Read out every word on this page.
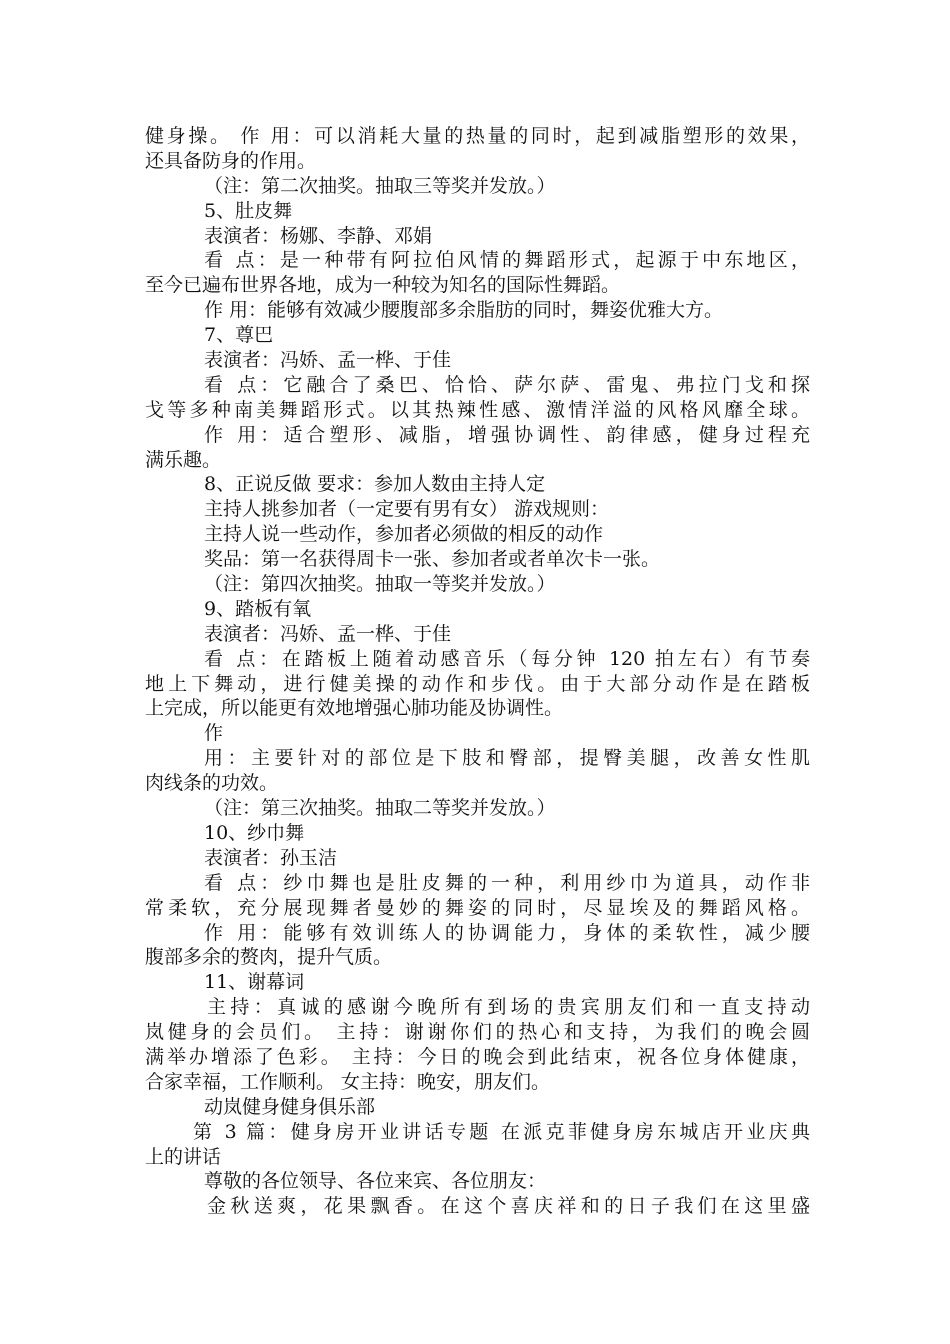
健身操。 作 用：可以消耗大量的热量的同时，起到减脂塑形的效果，
还具备防身的作用。
（注：第二次抽奖。抽取三等奖并发放。）
5、肚皮舞
表演者：杨娜、李静、邓娟
看 点：是一种带有阿拉伯风情的舞蹈形式，起源于中东地区，
至今已遍布世界各地，成为一种较为知名的国际性舞蹈。
作 用：能够有效减少腰腹部多余脂肪的同时，舞姿优雅大方。
7、尊巴
表演者：冯娇、孟一桦、于佳
看 点：它融合了桑巴、恰恰、萨尔萨、雷鬼、弗拉门戈和探
戈等多种南美舞蹈形式。以其热辣性感、激情洋溢的风格风靡全球。
作 用：适合塑形、减脂，增强协调性、韵律感，健身过程充
满乐趣。
8、正说反做 要求：参加人数由主持人定
主持人挑参加者（一定要有男有女） 游戏规则：
主持人说一些动作，参加者必须做的相反的动作
奖品：第一名获得周卡一张、参加者或者单次卡一张。
（注：第四次抽奖。抽取一等奖并发放。）
9、踏板有氧
表演者：冯娇、孟一桦、于佳
看 点：在踏板上随着动感音乐（每分钟 120 拍左右）有节奏
地上下舞动，进行健美操的动作和步伐。由于大部分动作是在踏板
上完成，所以能更有效地增强心肺功能及协调性。
作
用：主要针对的部位是下肢和臀部，提臀美腿，改善女性肌
肉线条的功效。
（注：第三次抽奖。抽取二等奖并发放。）
10、纱巾舞
表演者：孙玉洁
看 点：纱巾舞也是肚皮舞的一种，利用纱巾为道具，动作非
常柔软，充分展现舞者曼妙的舞姿的同时，尽显埃及的舞蹈风格。
作 用：能够有效训练人的协调能力，身体的柔软性，减少腰
腹部多余的赘肉，提升气质。
11、谢幕词
主持：真诚的感谢今晚所有到场的贵宾朋友们和一直支持动
岚健身的会员们。 主持：谢谢你们的热心和支持，为我们的晚会圆
满举办增添了色彩。 主持：今日的晚会到此结束，祝各位身体健康，
合家幸福，工作顺利。 女主持：晚安，朋友们。
动岚健身健身俱乐部
第 3 篇：健身房开业讲话专题 在派克菲健身房东城店开业庆典
上的讲话
尊敬的各位领导、各位来宾、各位朋友：
金秋送爽，花果飘香。在这个喜庆祥和的日子我们在这里盛
